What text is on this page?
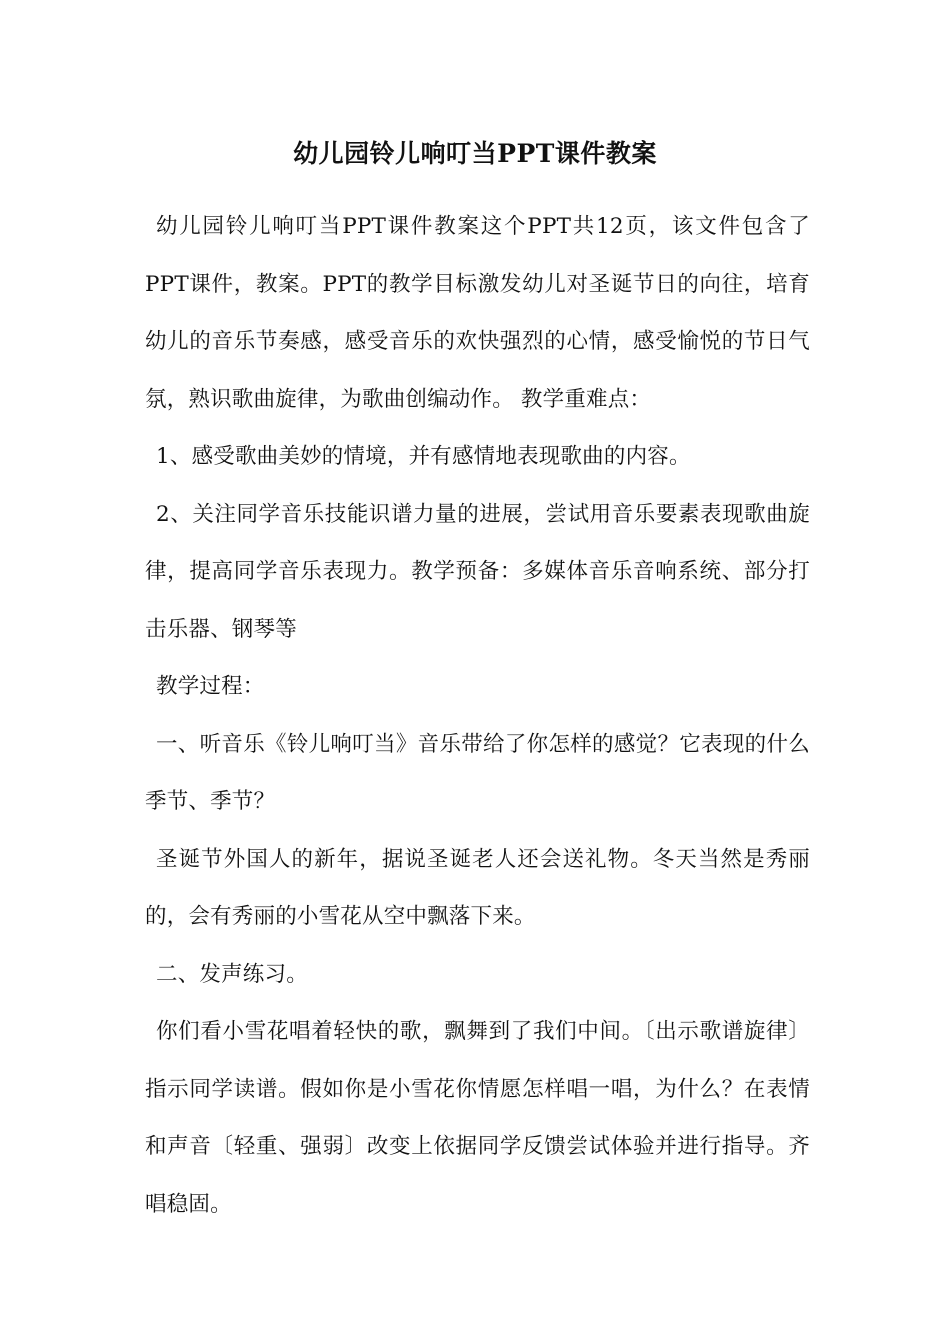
幼儿园铃儿响叮当PPT课件教案

幼儿园铃儿响叮当PPT课件教案这个PPT共12页，该文件包含了PPT课件，教案。PPT的教学目标激发幼儿对圣诞节日的向往，培育幼儿的音乐节奏感，感受音乐的欢快强烈的心情，感受愉悦的节日气氛，熟识歌曲旋律，为歌曲创编动作。 教学重难点：

1、感受歌曲美妙的情境，并有感情地表现歌曲的内容。

2、关注同学音乐技能识谱力量的进展，尝试用音乐要素表现歌曲旋律，提高同学音乐表现力。教学预备：多媒体音乐音响系统、部分打击乐器、钢琴等

教学过程：

一、听音乐《铃儿响叮当》音乐带给了你怎样的感觉？它表现的什么季节、季节？

圣诞节外国人的新年，据说圣诞老人还会送礼物。冬天当然是秀丽的，会有秀丽的小雪花从空中飘落下来。

二、发声练习。

你们看小雪花唱着轻快的歌，飘舞到了我们中间。〔出示歌谱旋律〕 指示同学读谱。假如你是小雪花你情愿怎样唱一唱，为什么？在表情和声音〔轻重、强弱〕改变上依据同学反馈尝试体验并进行指导。齐唱稳固。
